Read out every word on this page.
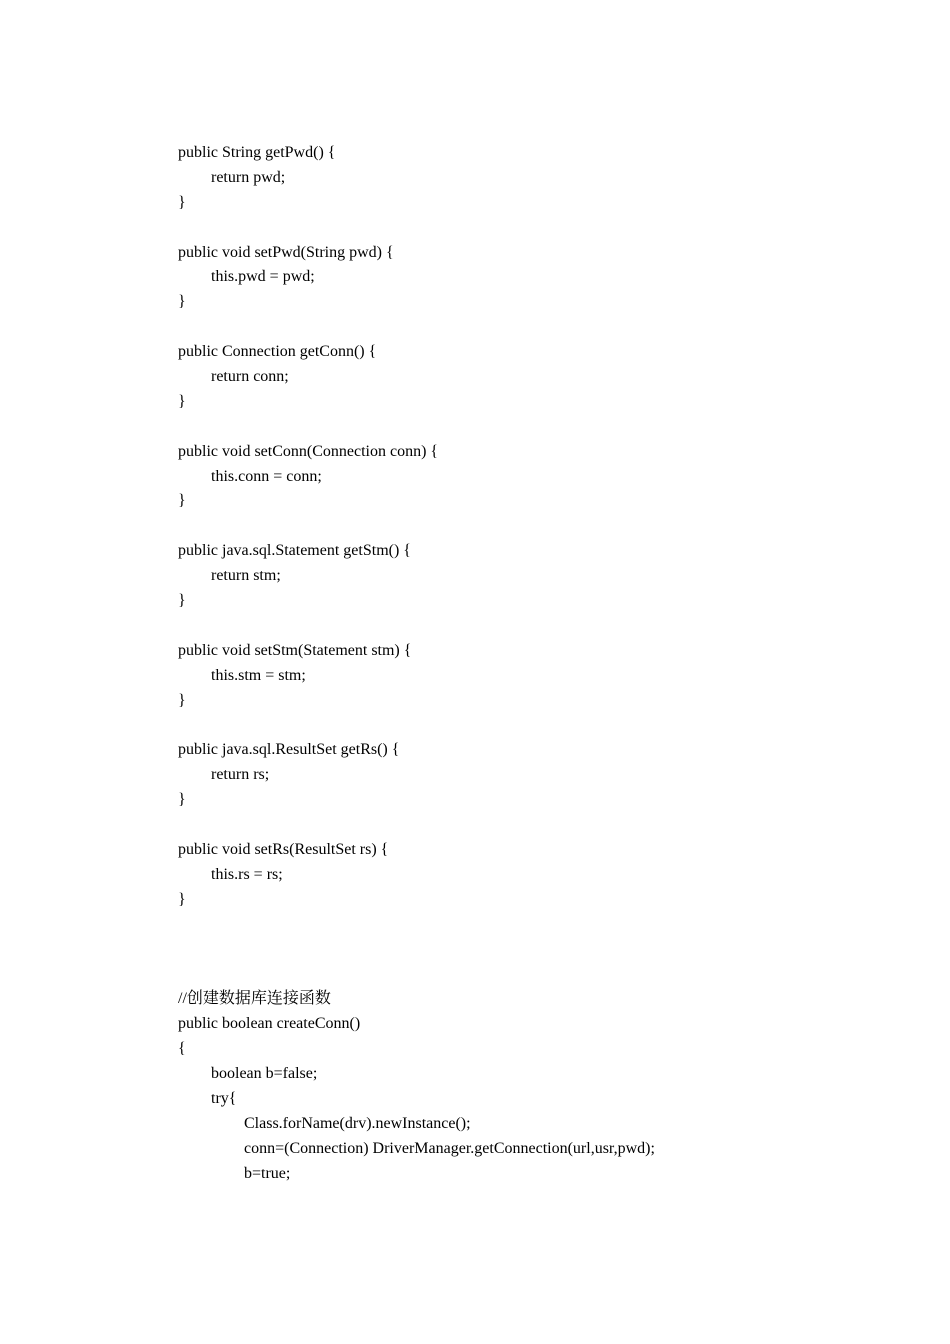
public String getPwd() {
return pwd;
}
public void setPwd(String pwd) {
this.pwd = pwd;
}
public Connection getConn() {
return conn;
}
public void setConn(Connection conn) {
this.conn = conn;
}
public java.sql.Statement getStm() {
return stm;
}
public void setStm(Statement stm) {
this.stm = stm;
}
public java.sql.ResultSet getRs() {
return rs;
}
public void setRs(ResultSet rs) {
this.rs = rs;
}
//创建数据库连接函数
public boolean createConn()
{
boolean b=false;
try{
Class.forName(drv).newInstance();
conn=(Connection) DriverManager.getConnection(url,usr,pwd);
b=true;
